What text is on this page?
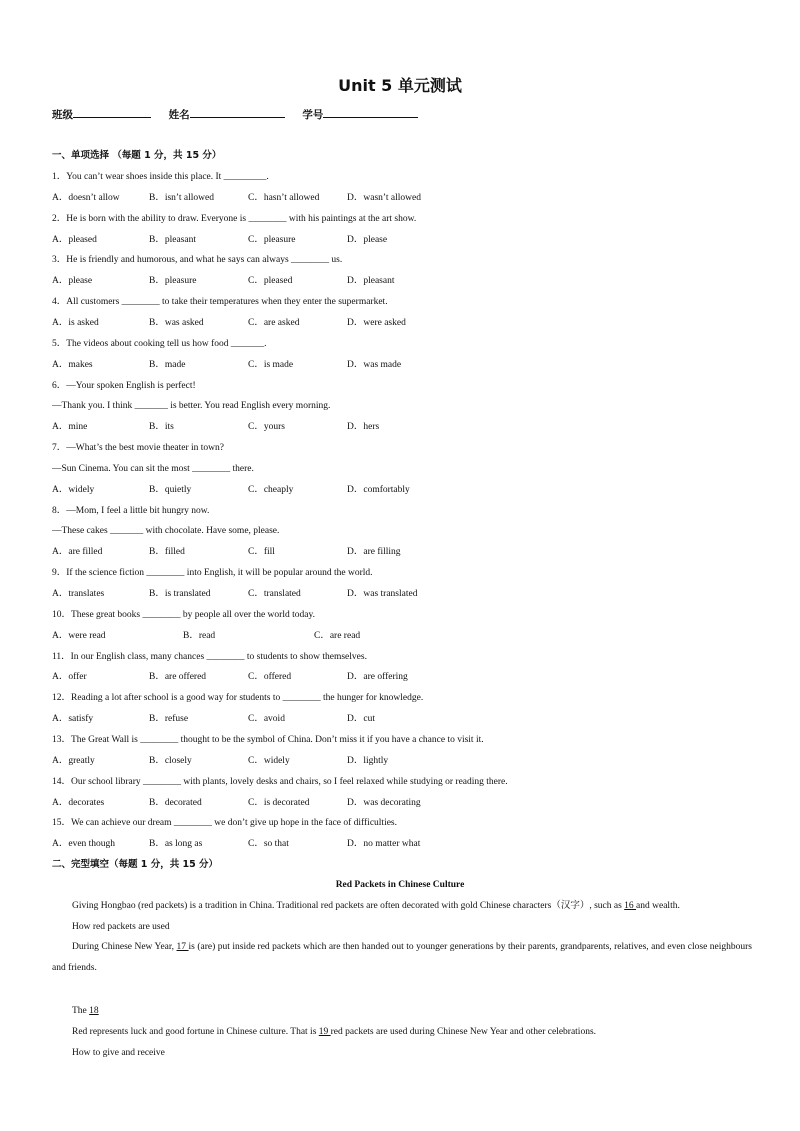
Unit 5 单元测试
班级	姓名	学号
一、单项选择 （每题 1 分，共 15 分）
1．You can’t wear shoes inside this place. It _________.
A．doesn’t allow	B．isn’t allowed	C．hasn’t allowed	D．wasn’t allowed
2．He is born with the ability to draw. Everyone is ________ with his paintings at the art show.
A．pleased	B．pleasant	C．pleasure	D．please
3．He is friendly and humorous, and what he says can always ________ us.
A．please	B．pleasure	C．pleased	D．pleasant
4．All customers ________ to take their temperatures when they enter the supermarket.
A．is asked	B．was asked	C．are asked	D．were asked
5．The videos about cooking tell us how food _______.
A．makes	B．made	C．is made	D．was made
6．—Your spoken English is perfect!
—Thank you. I think _______ is better. You read English every morning.
A．mine	B．its	C．yours	D．hers
7．—What’s the best movie theater in town?
—Sun Cinema. You can sit the most ________ there.
A．widely	B．quietly	C．cheaply	D．comfortably
8．—Mom, I feel a little bit hungry now.
—These cakes _______ with chocolate. Have some, please.
A．are filled	B．filled	C．fill	D．are filling
9．If the science fiction ________ into English, it will be popular around the world.
A．translates	B．is translated	C．translated	D．was translated
10．These great books ________ by people all over the world today.
A．were read	B．read	C．are read
11．In our English class, many chances ________ to students to show themselves.
A．offer	B．are offered	C．offered	D．are offering
12．Reading a lot after school is a good way for students to ________ the hunger for knowledge.
A．satisfy	B．refuse	C．avoid	D．cut
13．The Great Wall is ________ thought to be the symbol of China. Don’t miss it if you have a chance to visit it.
A．greatly	B．closely	C．widely	D．lightly
14．Our school library ________ with plants, lovely desks and chairs, so I feel relaxed while studying or reading there.
A．decorates	B．decorated	C．is decorated	D．was decorating
15．We can achieve our dream ________ we don’t give up hope in the face of difficulties.
A．even though	B．as long as	C．so that	D．no matter what
二、完型填空（每题 1 分，共 15 分）
Red Packets in Chinese Culture
Giving Hongbao (red packets) is a tradition in China. Traditional red packets are often decorated with gold Chinese characters（汉字）, such as 16 and wealth.
How red packets are used
During Chinese New Year, 17 is (are) put inside red packets which are then handed out to younger generations by their parents, grandparents, relatives, and even close neighbours and friends.
The 18
Red represents luck and good fortune in Chinese culture. That is 19 red packets are used during Chinese New Year and other celebrations.
How to give and receive
